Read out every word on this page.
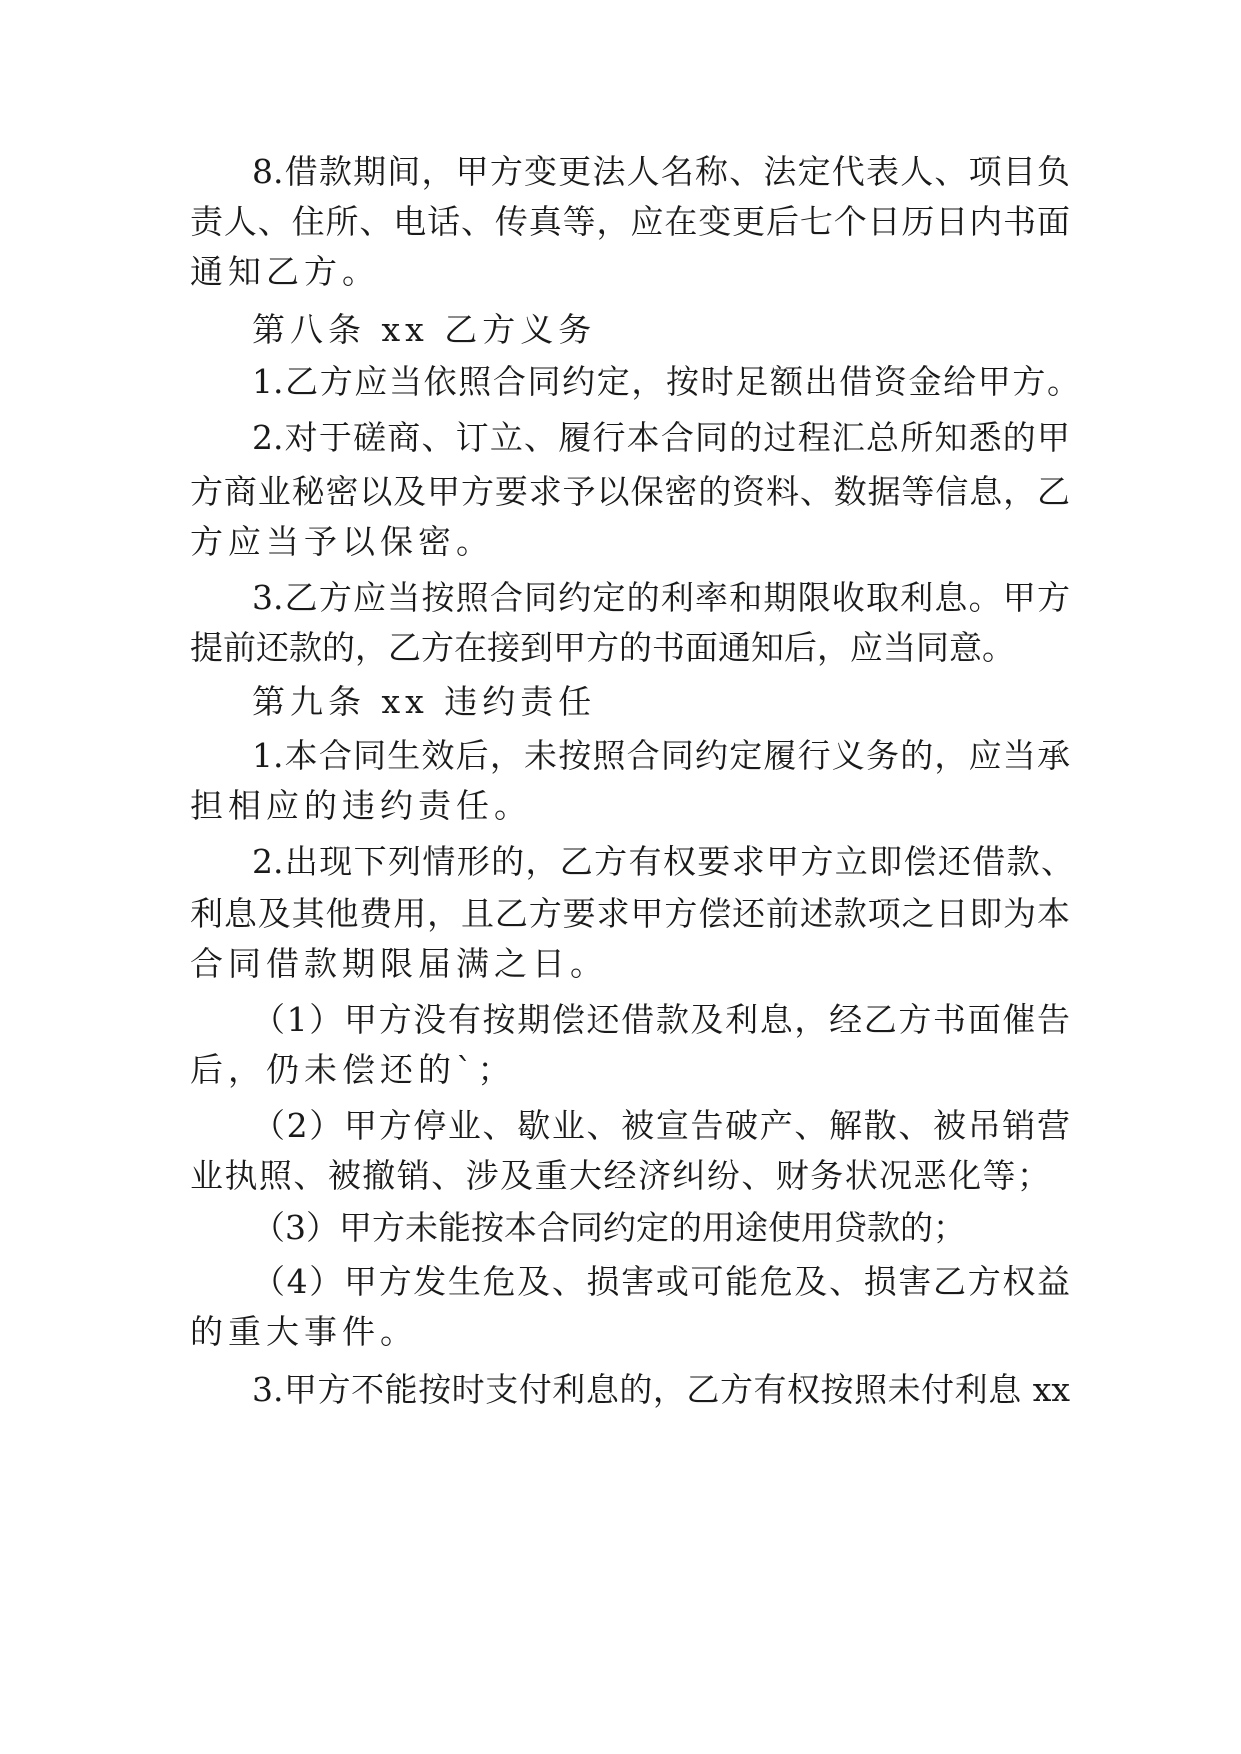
8.借款期间，甲方变更法人名称、法定代表人、项目负
责人、住所、电话、传真等，应在变更后七个日历日内书面
通知乙方。
第八条 xx 乙方义务
1.乙方应当依照合同约定，按时足额出借资金给甲方。
2.对于磋商、订立、履行本合同的过程汇总所知悉的甲
方商业秘密以及甲方要求予以保密的资料、数据等信息，乙
方应当予以保密。
3.乙方应当按照合同约定的利率和期限收取利息。甲方
提前还款的，乙方在接到甲方的书面通知后，应当同意。
第九条 xx 违约责任
1.本合同生效后，未按照合同约定履行义务的，应当承
担相应的违约责任。
2.出现下列情形的，乙方有权要求甲方立即偿还借款、
利息及其他费用，且乙方要求甲方偿还前述款项之日即为本
合同借款期限届满之日。
（1）甲方没有按期偿还借款及利息，经乙方书面催告
后，仍未偿还的`；
（2）甲方停业、歇业、被宣告破产、解散、被吊销营
业执照、被撤销、涉及重大经济纠纷、财务状况恶化等；
（3）甲方未能按本合同约定的用途使用贷款的；
（4）甲方发生危及、损害或可能危及、损害乙方权益
的重大事件。
3.甲方不能按时支付利息的，乙方有权按照未付利息 xx
